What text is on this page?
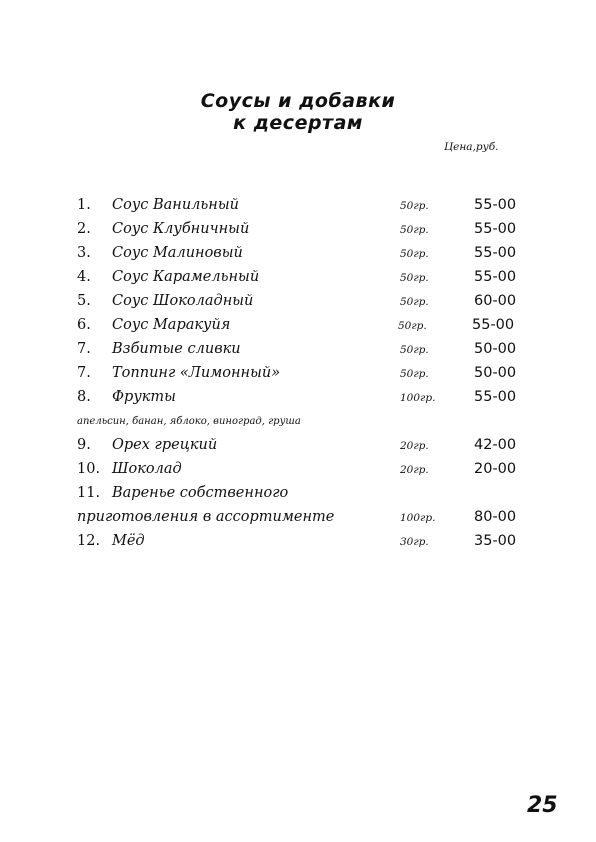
Соусы и добавки
к десертам
Цена,руб.
1. Соус Ванильный	50гр.	55-00
2. Соус Клубничный	50гр.	55-00
3. Соус Малиновый	50гр.	55-00
4. Соус Карамельный	50гр.	55-00
5. Соус Шоколадный	50гр.	60-00
6. Соус Маракуйя	50гр.	55-00
7. Взбитые сливки	50гр.	50-00
7. Топпинг «Лимонный»	50гр.	50-00
8. Фрукты	100гр.	55-00
апельсин, банан, яблоко, виноград, груша
9. Орех грецкий	20гр.	42-00
10. Шоколад	20гр.	20-00
11. Варенье собственного
приготовления в ассортименте	100гр.	80-00
12. Мёд	30гр.	35-00
25
